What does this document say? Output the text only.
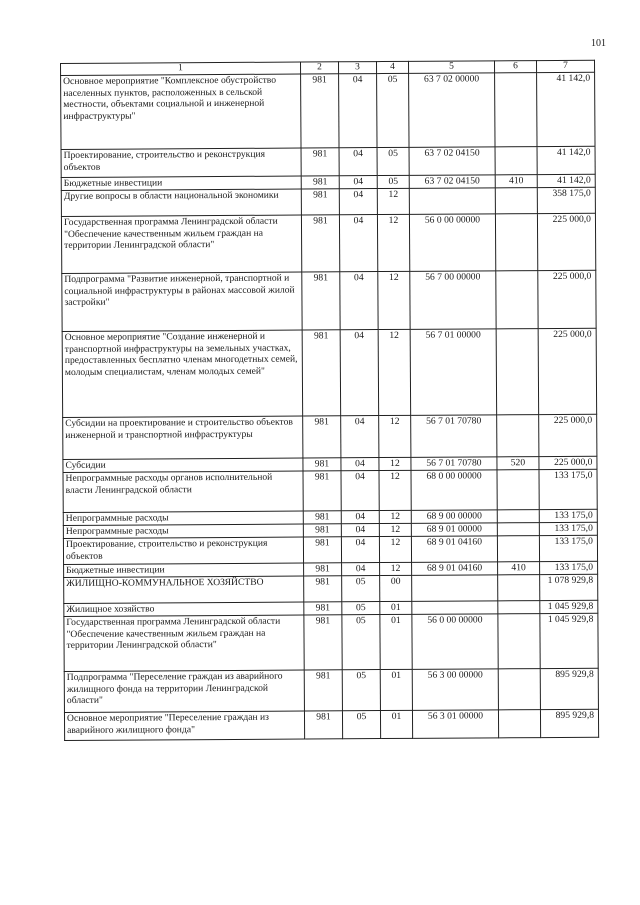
101
1	2	3	4	5	6	7
Основное мероприятие "Комплексное обустройство населенных пунктов, расположенных в сельской местности, объектами социальной и инженерной инфраструктуры"	981	04	05	63 7 02 00000		41 142,0
Проектирование, строительство и реконструкция объектов	981	04	05	63 7 02 04150		41 142,0
Бюджетные инвестиции	981	04	05	63 7 02 04150	410	41 142,0
Другие вопросы в области национальной экономики	981	04	12			358 175,0
Государственная программа Ленинградской области "Обеспечение качественным жильем граждан на территории Ленинградской области"	981	04	12	56 0 00 00000		225 000,0
Подпрограмма "Развитие инженерной, транспортной и социальной инфраструктуры в районах массовой жилой застройки"	981	04	12	56 7 00 00000		225 000,0
Основное мероприятие "Создание инженерной и транспортной инфраструктуры на земельных участках, предоставленных бесплатно членам многодетных семей, молодым специалистам, членам молодых семей"	981	04	12	56 7 01 00000		225 000,0
Субсидии на проектирование и строительство объектов инженерной и транспортной инфраструктуры	981	04	12	56 7 01 70780		225 000,0
Субсидии	981	04	12	56 7 01 70780	520	225 000,0
Непрограммные расходы органов исполнительной власти Ленинградской области	981	04	12	68 0 00 00000		133 175,0
Непрограммные расходы	981	04	12	68 9 00 00000		133 175,0
Непрограммные расходы	981	04	12	68 9 01 00000		133 175,0
Проектирование, строительство и реконструкция объектов	981	04	12	68 9 01 04160		133 175,0
Бюджетные инвестиции	981	04	12	68 9 01 04160	410	133 175,0
ЖИЛИЩНО-КОММУНАЛЬНОЕ ХОЗЯЙСТВО	981	05	00			1 078 929,8
Жилищное хозяйство	981	05	01			1 045 929,8
Государственная программа Ленинградской области "Обеспечение качественным жильем граждан на территории Ленинградской области"	981	05	01	56 0 00 00000		1 045 929,8
Подпрограмма "Переселение граждан из аварийного жилищного фонда на территории Ленинградской области"	981	05	01	56 3 00 00000		895 929,8
Основное мероприятие "Переселение граждан из аварийного жилищного фонда"	981	05	01	56 3 01 00000		895 929,8
